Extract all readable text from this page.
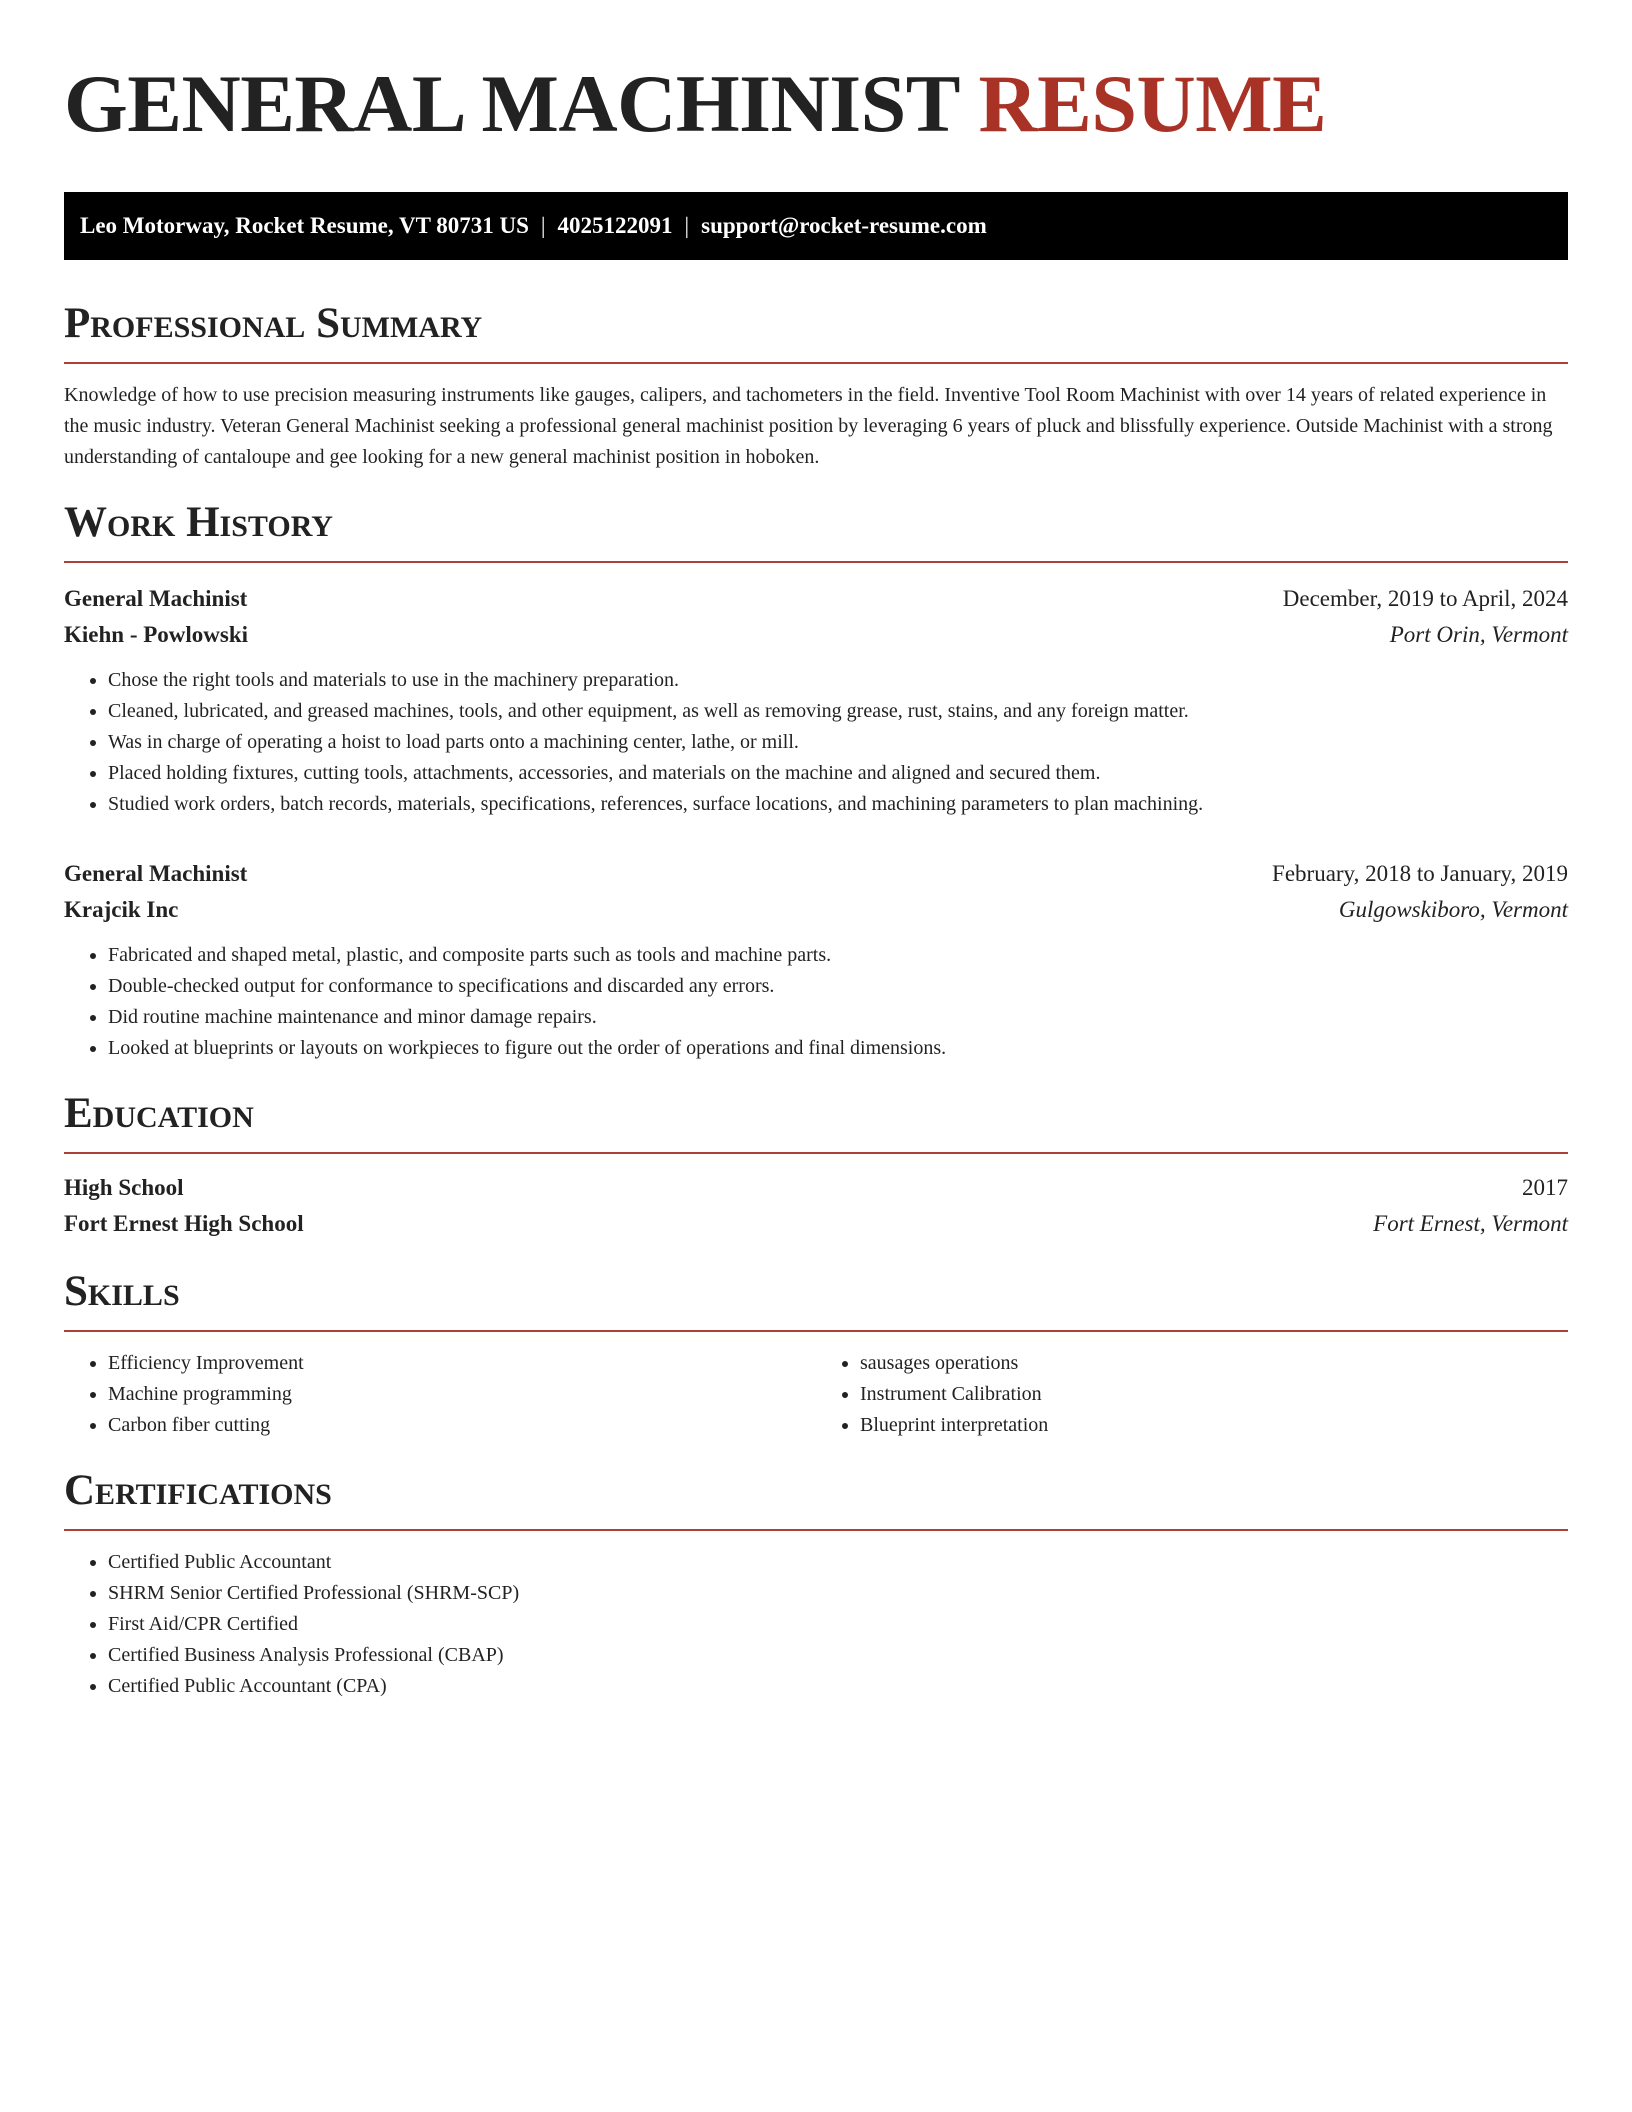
GENERAL MACHINIST RESUME
Leo Motorway, Rocket Resume, VT 80731 US | 4025122091 | support@rocket-resume.com
Professional Summary

Knowledge of how to use precision measuring instruments like gauges, calipers, and tachometers in the field. Inventive Tool Room Machinist with over 14 years of related experience in the music industry. Veteran General Machinist seeking a professional general machinist position by leveraging 6 years of pluck and blissfully experience. Outside Machinist with a strong understanding of cantaloupe and gee looking for a new general machinist position in hoboken.

Work History
General Machinist	December, 2019 to April, 2024
Kiehn - Powlowski	Port Orin, Vermont
• Chose the right tools and materials to use in the machinery preparation.
• Cleaned, lubricated, and greased machines, tools, and other equipment, as well as removing grease, rust, stains, and any foreign matter.
• Was in charge of operating a hoist to load parts onto a machining center, lathe, or mill.
• Placed holding fixtures, cutting tools, attachments, accessories, and materials on the machine and aligned and secured them.
• Studied work orders, batch records, materials, specifications, references, surface locations, and machining parameters to plan machining.
General Machinist	February, 2018 to January, 2019
Krajcik Inc	Gulgowskiboro, Vermont
• Fabricated and shaped metal, plastic, and composite parts such as tools and machine parts.
• Double-checked output for conformance to specifications and discarded any errors.
• Did routine machine maintenance and minor damage repairs.
• Looked at blueprints or layouts on workpieces to figure out the order of operations and final dimensions.
Education
High School	2017
Fort Ernest High School	Fort Ernest, Vermont
Skills
• Efficiency Improvement
• Machine programming
• Carbon fiber cutting
• sausages operations
• Instrument Calibration
• Blueprint interpretation
Certifications
• Certified Public Accountant
• SHRM Senior Certified Professional (SHRM-SCP)
• First Aid/CPR Certified
• Certified Business Analysis Professional (CBAP)
• Certified Public Accountant (CPA)
